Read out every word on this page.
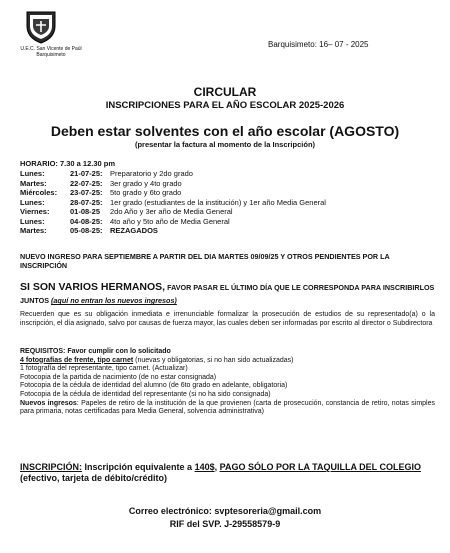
U.E.C. San Vicente de Paúl
Barquisimeto
Barquisimeto: 16– 07 - 2025
CIRCULAR
INSCRIPCIONES PARA EL AÑO ESCOLAR 2025-2026
Deben estar solventes con el año escolar (AGOSTO)
(presentar la factura al momento de la Inscripción)
HORARIO: 7.30 a 12.30 pm
Lunes:	21-07-25: Preparatorio y 2do grado
Martes:	22-07-25: 3er grado y 4to grado
Miércoles:	23-07-25: 5to grado y 6to grado
Lunes:	28-07-25: 1er grado (estudiantes de la institución) y 1er año Media General
Viernes:	01-08-25	2do Año y 3er año de Media General
Lunes:	04-08-25: 4to año y 5to año de Media General
Martes:	05-08-25: REZAGADOS
NUEVO INGRESO PARA SEPTIEMBRE A PARTIR DEL DIA MARTES 09/09/25 Y OTROS PENDIENTES POR LA INSCRIPCIÓN
SI SON VARIOS HERMANOS, FAVOR PASAR EL ÚLTIMO DÍA QUE LE CORRESPONDA PARA INSCRIBIRLOS JUNTOS (aquí no entran los nuevos ingresos)
Recuerden que es su obligación inmediata e irrenunciable formalizar la prosecución de estudios de su representado(a) o la inscripción, el día asignado, salvo por causas de fuerza mayor, las cuales deben ser informadas por escrito al director o Subdirectora
REQUISITOS: Favor cumplir con lo solicitado
4 fotografías de frente, tipo carnet (nuevas y obligatorias, si no han sido actualizadas)
1 fotografía del representante, tipo carnet. (Actualizar)
Fotocopia de la partida de nacimiento (de no estar consignada)
Fotocopia de la cédula de identidad del alumno (de 6to grado en adelante, obligatoria)
Fotocopia de la cédula de identidad del representante (si no ha sido consignada)
Nuevos ingresos: Papeles de retiro de la institución de la que provienen (carta de prosecución, constancia de retiro, notas simples para primaria, notas certificadas para Media General, solvencia administrativa)
INSCRIPCIÓN: Inscripción equivalente a 140$, PAGO SÓLO POR LA TAQUILLA DEL COLEGIO (efectivo, tarjeta de débito/crédito)
Correo electrónico: svptesoreria@gmail.com
RIF del SVP. J-29558579-9
